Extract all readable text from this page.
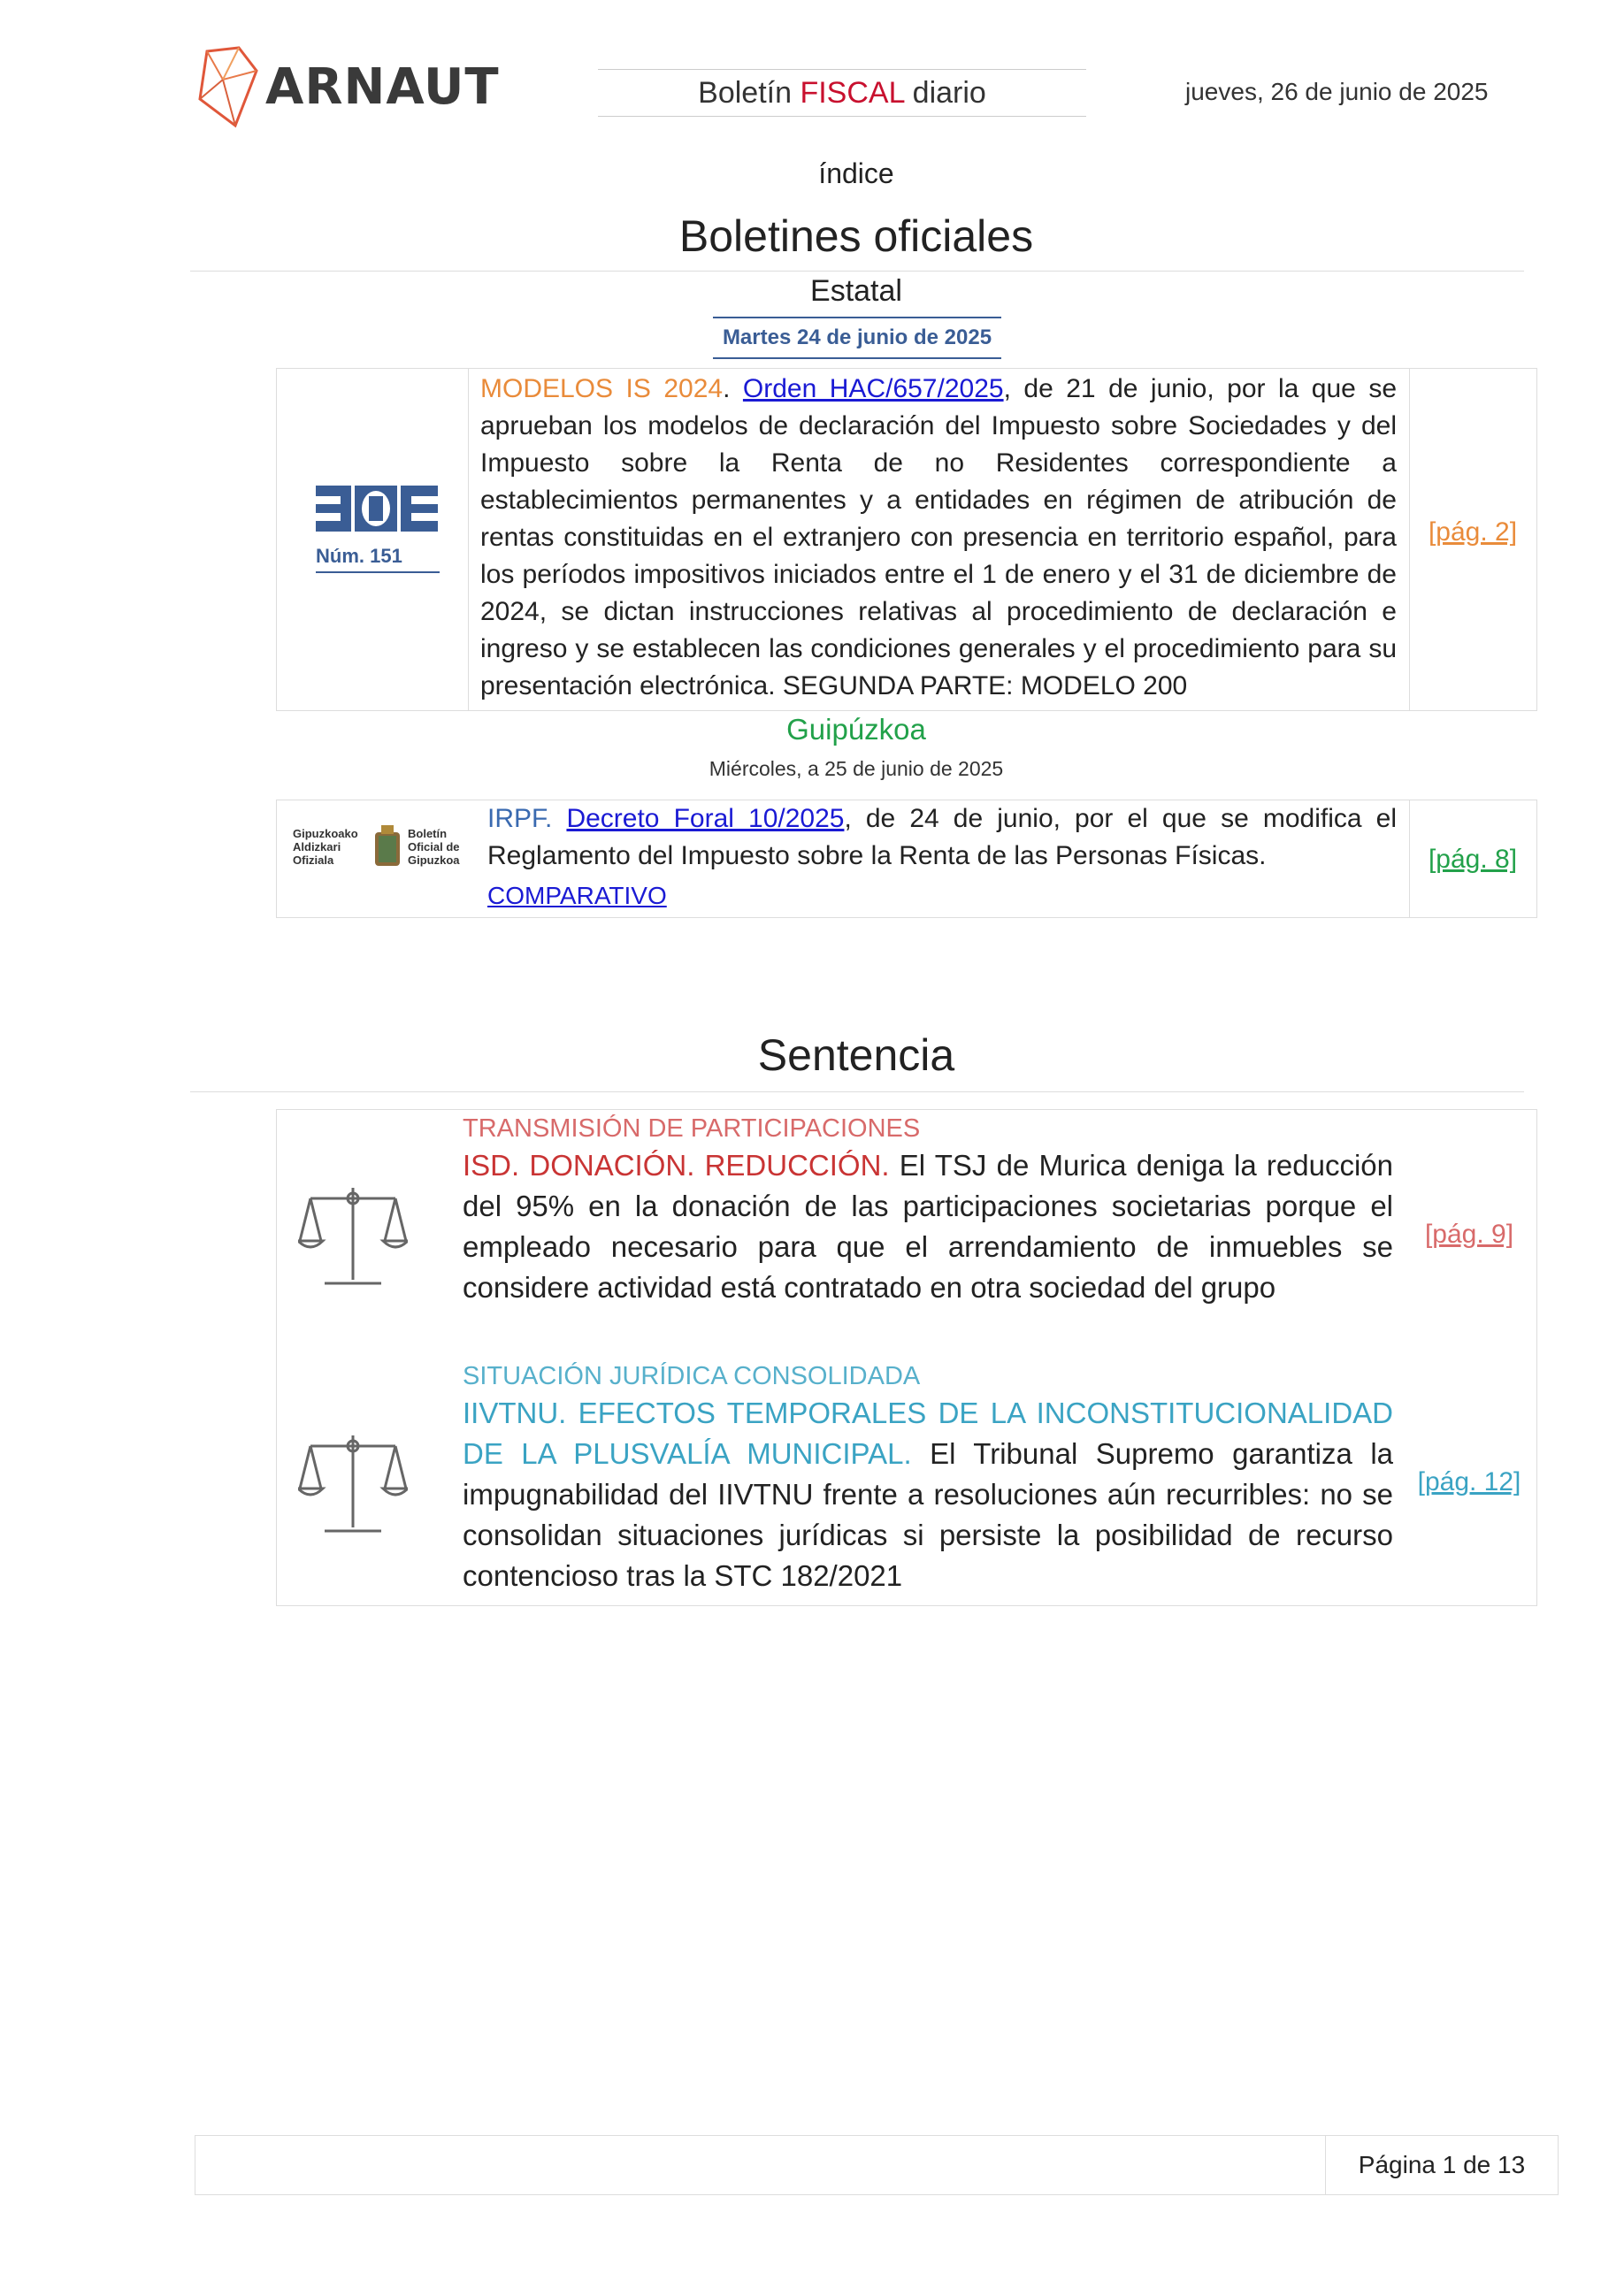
ARNAUT	Boletín FISCAL diario	jueves, 26 de junio de 2025
índice
Boletines oficiales
Estatal
Martes 24 de junio de 2025
Núm. 151
MODELOS IS 2024. Orden HAC/657/2025, de 21 de junio, por la que se aprueban los modelos de declaración del Impuesto sobre Sociedades y del Impuesto sobre la Renta de no Residentes correspondiente a establecimientos permanentes y a entidades en régimen de atribución de rentas constituidas en el extranjero con presencia en territorio español, para los períodos impositivos iniciados entre el 1 de enero y el 31 de diciembre de 2024, se dictan instrucciones relativas al procedimiento de declaración e ingreso y se establecen las condiciones generales y el procedimiento para su presentación electrónica. SEGUNDA PARTE: MODELO 200
[pág. 2]
Guipúzkoa
Miércoles, a 25 de junio de 2025
Gipuzkoako
Aldizkari
Ofiziala
Boletín
Oficial de
Gipuzkoa
IRPF. Decreto Foral 10/2025, de 24 de junio, por el que se modifica el Reglamento del Impuesto sobre la Renta de las Personas Físicas.
COMPARATIVO
[pág. 8]
Sentencia
TRANSMISIÓN DE PARTICIPACIONES
ISD. DONACIÓN. REDUCCIÓN. El TSJ de Murica deniga la reducción del 95% en la donación de las participaciones societarias porque el empleado necesario para que el arrendamiento de inmuebles se considere actividad está contratado en otra sociedad del grupo
[pág. 9]
SITUACIÓN JURÍDICA CONSOLIDADA
IIVTNU. EFECTOS TEMPORALES DE LA INCONSTITUCIONALIDAD DE LA PLUSVALÍA MUNICIPAL. El Tribunal Supremo garantiza la impugnabilidad del IIVTNU frente a resoluciones aún recurribles: no se consolidan situaciones jurídicas si persiste la posibilidad de recurso contencioso tras la STC 182/2021
[pág. 12]
Página 1 de 13
